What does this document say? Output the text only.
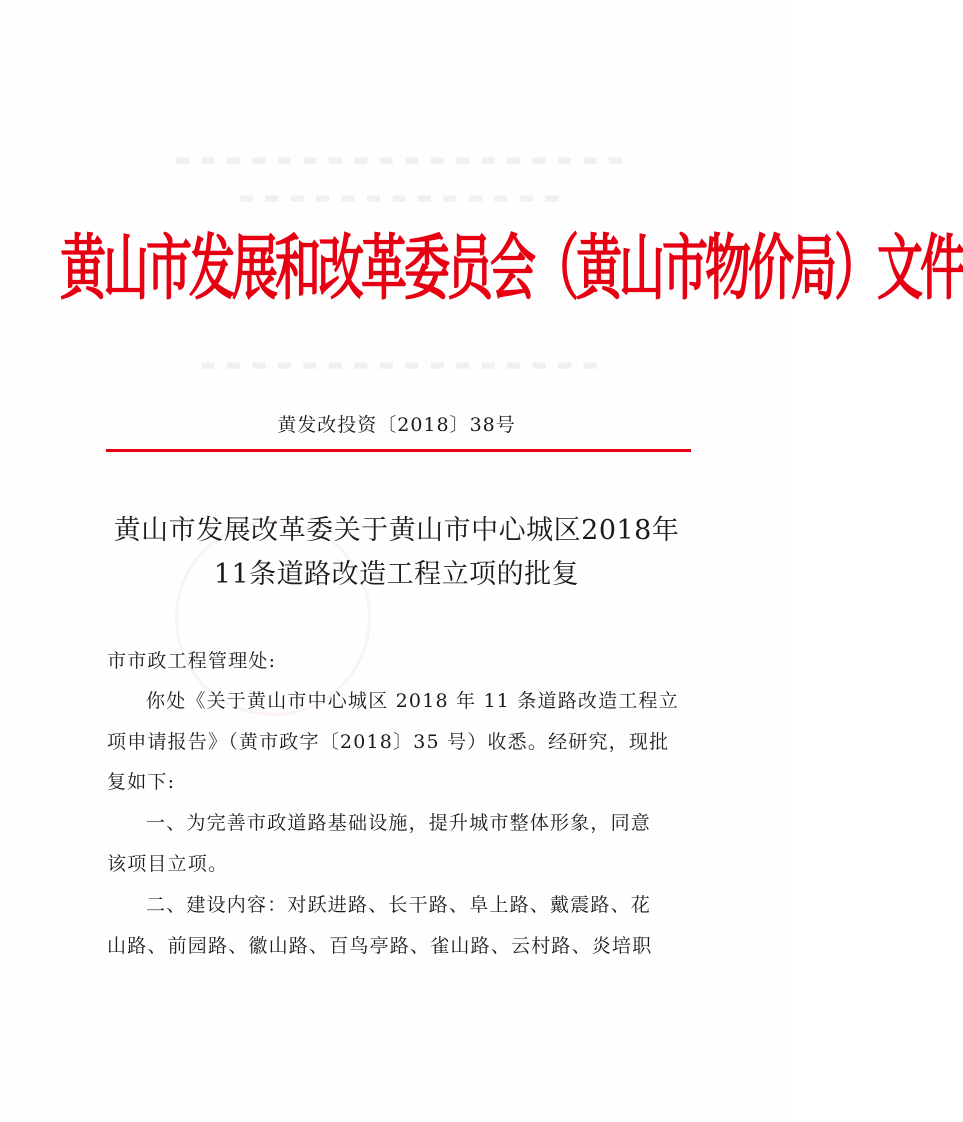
▬ ▬ ▬ ▬ ▬ ▬ ▬ ▬ ▬ ▬ ▬ ▬ ▬ ▬ ▬ ▬ ▬ ▬
▬ ▬ ▬ ▬ ▬ ▬ ▬ ▬ ▬ ▬ ▬ ▬ ▬
▬ ▬ ▬ ▬ ▬ ▬ ▬ ▬ ▬ ▬ ▬ ▬ ▬ ▬ ▬ ▬
黄山市发展和改革委员会（黄山市物价局）文件
黄发改投资〔2018〕38号
黄山市发展改革委关于黄山市中心城区2018年
11条道路改造工程立项的批复
市市政工程管理处:
你处《关于黄山市中心城区 2018 年 11 条道路改造工程立
项申请报告》（黄市政字〔2018〕35 号）收悉。经研究，现批
复如下:
一、为完善市政道路基础设施，提升城市整体形象，同意
该项目立项。
二、建设内容：对跃进路、长干路、阜上路、戴震路、花
山路、前园路、徽山路、百鸟亭路、雀山路、云村路、炎培职
